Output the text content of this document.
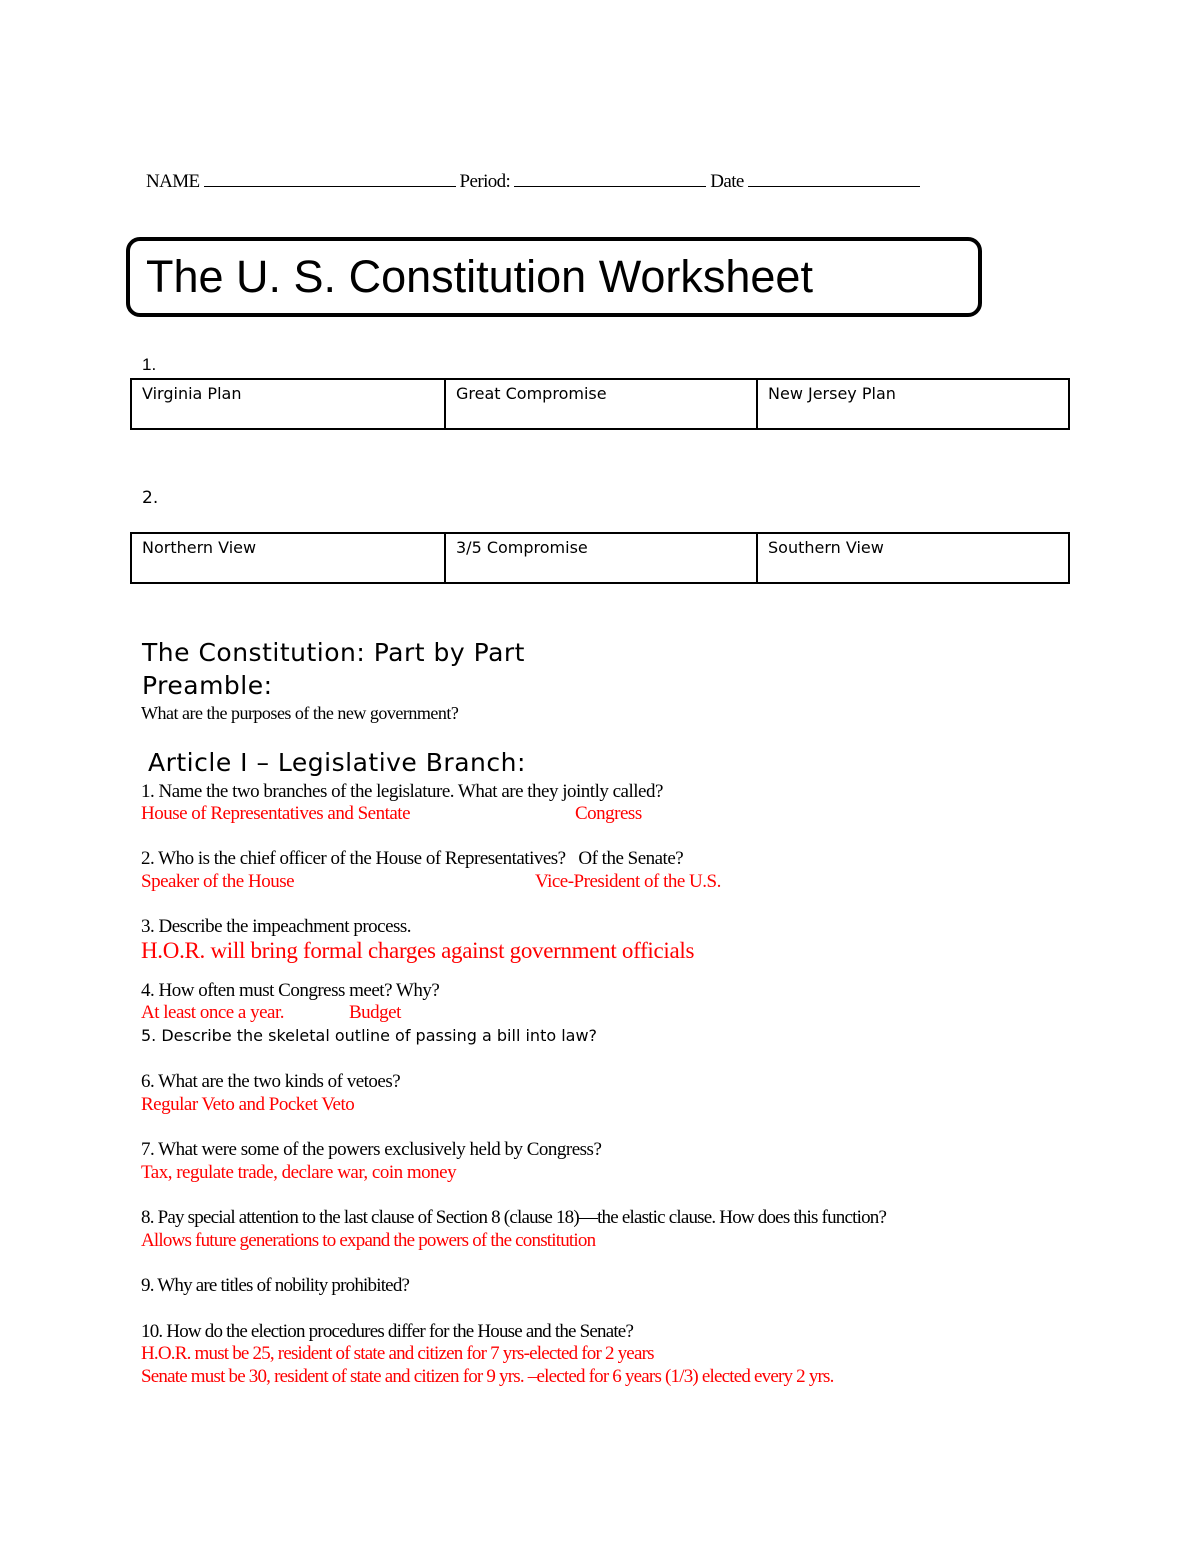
NAME	Period:	Date
The U. S. Constitution Worksheet
1.
Virginia Plan	Great Compromise	New Jersey Plan
2.
Northern View	3/5 Compromise	Southern View
The Constitution: Part by Part
Preamble:
What are the purposes of the new government?
Article I – Legislative Branch:
1. Name the two branches of the legislature. What are they jointly called?
House of Representatives and Sentate	Congress
2. Who is the chief officer of the House of Representatives?   Of the Senate?
Speaker of the House	Vice-President of the U.S.
3. Describe the impeachment process.
H.O.R. will bring formal charges against government officials
4. How often must Congress meet? Why?
At least once a year.	Budget
5. Describe the skeletal outline of passing a bill into law?
6. What are the two kinds of vetoes?
Regular Veto and Pocket Veto
7. What were some of the powers exclusively held by Congress?
Tax, regulate trade, declare war, coin money
8. Pay special attention to the last clause of Section 8 (clause 18)—the elastic clause. How does this function?
Allows future generations to expand the powers of the constitution
9. Why are titles of nobility prohibited?
10. How do the election procedures differ for the House and the Senate?
H.O.R. must be 25, resident of state and citizen for 7 yrs-elected for 2 years
Senate must be 30, resident of state and citizen for 9 yrs. –elected for 6 years (1/3) elected every 2 yrs.
